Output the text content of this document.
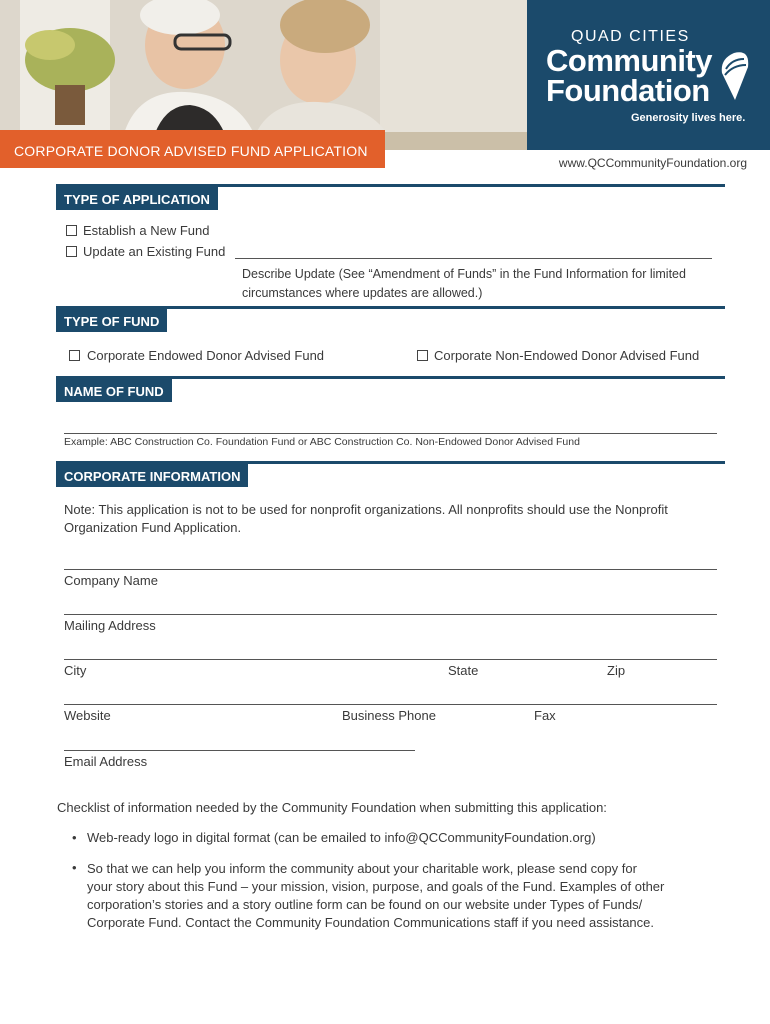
QUAD CITIES
Community
Foundation
Generosity lives here.
CORPORATE DONOR ADVISED FUND APPLICATION
www.QCCommunityFoundation.org
TYPE OF APPLICATION
Establish a New Fund
Update an Existing Fund
Describe Update (See “Amendment of Funds” in the Fund Information for limited
circumstances where updates are allowed.)
TYPE OF FUND
Corporate Endowed Donor Advised Fund	Corporate Non-Endowed Donor Advised Fund
NAME OF FUND
Example: ABC Construction Co. Foundation Fund or ABC Construction Co. Non-Endowed Donor Advised Fund
CORPORATE INFORMATION
Note: This application is not to be used for nonprofit organizations. All nonprofits should use the Nonprofit
Organization Fund Application.
Company Name
Mailing Address
City	State	Zip
Website	Business Phone	Fax
Email Address
Checklist of information needed by the Community Foundation when submitting this application:
• Web-ready logo in digital format (can be emailed to info@QCCommunityFoundation.org)
• So that we can help you inform the community about your charitable work, please send copy for
your story about this Fund – your mission, vision, purpose, and goals of the Fund. Examples of other
corporation’s stories and a story outline form can be found on our website under Types of Funds/
Corporate Fund. Contact the Community Foundation Communications staff if you need assistance.
